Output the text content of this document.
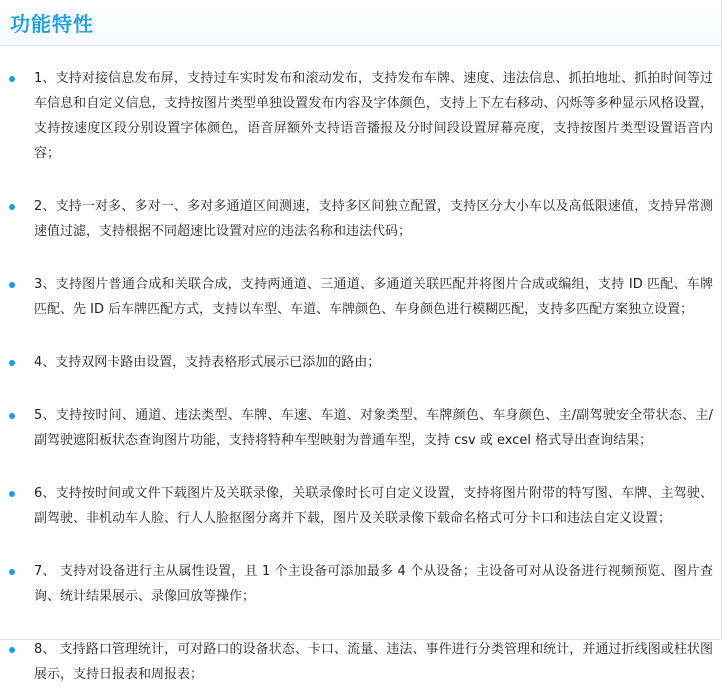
功能特性
1、支持对接信息发布屏，支持过车实时发布和滚动发布，支持发布车牌、速度、违法信息、抓拍地址、抓拍时间等过车信息和自定义信息，支持按图片类型单独设置发布内容及字体颜色，支持上下左右移动、闪烁等多种显示风格设置，支持按速度区段分别设置字体颜色，语音屏额外支持语音播报及分时间段设置屏幕亮度，支持按图片类型设置语音内容；
2、支持一对多、多对一、多对多通道区间测速，支持多区间独立配置，支持区分大小车以及高低限速值，支持异常测速值过滤，支持根据不同超速比设置对应的违法名称和违法代码；
3、支持图片普通合成和关联合成，支持两通道、三通道、多通道关联匹配并将图片合成或编组，支持 ID 匹配、车牌匹配、先 ID 后车牌匹配方式，支持以车型、车道、车牌颜色、车身颜色进行模糊匹配，支持多匹配方案独立设置；
4、支持双网卡路由设置，支持表格形式展示已添加的路由；
5、支持按时间、通道、违法类型、车牌、车速、车道、对象类型、车牌颜色、车身颜色、主/副驾驶安全带状态、主/副驾驶遮阳板状态查询图片功能，支持将特种车型映射为普通车型，支持 csv 或 excel 格式导出查询结果；
6、支持按时间或文件下载图片及关联录像，关联录像时长可自定义设置，支持将图片附带的特写图、车牌、主驾驶、副驾驶、非机动车人脸、行人人脸抠图分离并下载，图片及关联录像下载命名格式可分卡口和违法自定义设置；
7、 支持对设备进行主从属性设置，且 1 个主设备可添加最多 4 个从设备；主设备可对从设备进行视频预览、图片查询、统计结果展示、录像回放等操作；
8、 支持路口管理统计，可对路口的设备状态、卡口、流量、违法、事件进行分类管理和统计，并通过折线图或柱状图展示，支持日报表和周报表；
